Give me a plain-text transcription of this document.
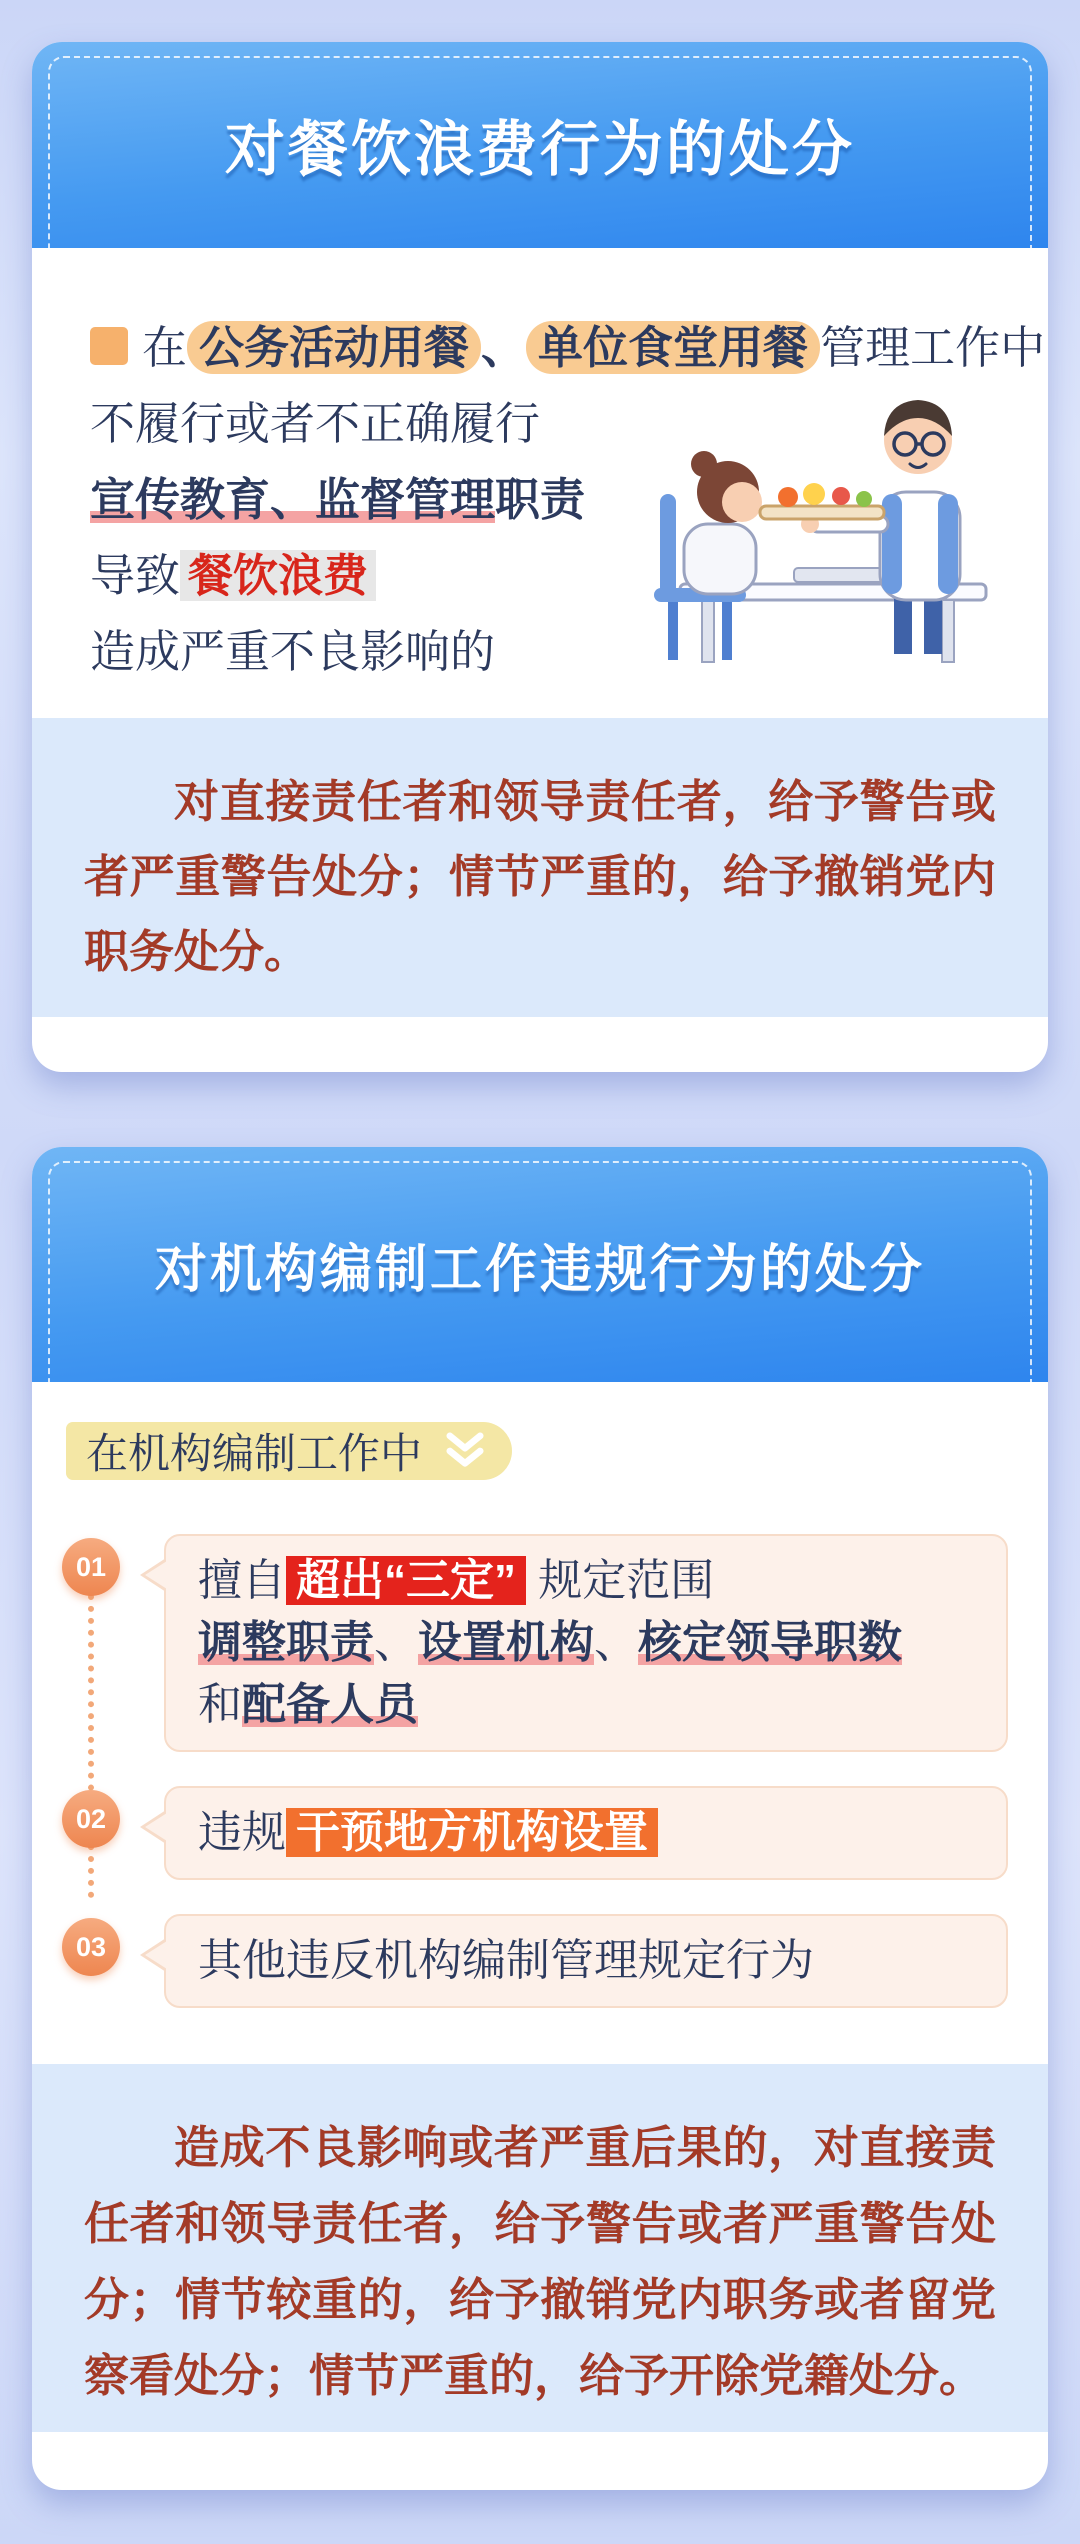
对餐饮浪费行为的处分
在 公务活动用餐 、 单位食堂用餐 管理工作中
不履行或者不正确履行
宣传教育、监督管理职责
导致 餐饮浪费
造成严重不良影响的

对直接责任者和领导责任者，给予警告或者严重警告处分；情节严重的，给予撤销党内职务处分。

对机构编制工作违规行为的处分
在机构编制工作中
01	擅自 超出“三定” 规定范围
调整职责、设置机构、核定领导职数
和配备人员
02	违规 干预地方机构设置
03	其他违反机构编制管理规定行为

造成不良影响或者严重后果的，对直接责任者和领导责任者，给予警告或者严重警告处分；情节较重的，给予撤销党内职务或者留党察看处分；情节严重的，给予开除党籍处分。
